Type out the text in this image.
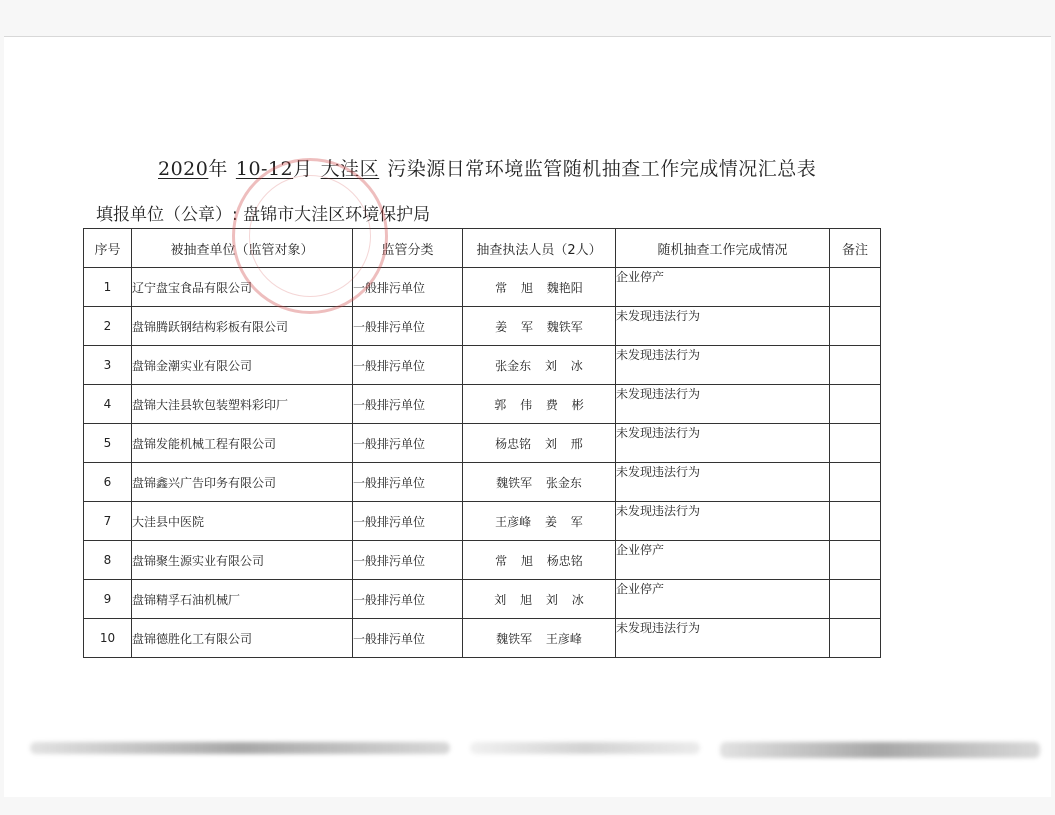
2020年 10-12月 大洼区 污染源日常环境监管随机抽查工作完成情况汇总表
填报单位（公章）: 盘锦市大洼区环境保护局
序号	被抽查单位（监管对象）	监管分类	抽查执法人员（2人）	随机抽查工作完成情况	备注
1	辽宁盘宝食品有限公司	一般排污单位	常 旭 魏艳阳	企业停产	
2	盘锦腾跃钢结构彩板有限公司	一般排污单位	姜 军 魏铁军	未发现违法行为	
3	盘锦金潮实业有限公司	一般排污单位	张金东 刘 冰	未发现违法行为	
4	盘锦大洼县软包装塑料彩印厂	一般排污单位	郭 伟 费 彬	未发现违法行为	
5	盘锦发能机械工程有限公司	一般排污单位	杨忠铭 刘 邢	未发现违法行为	
6	盘锦鑫兴广告印务有限公司	一般排污单位	魏铁军 张金东	未发现违法行为	
7	大洼县中医院	一般排污单位	王彦峰 姜 军	未发现违法行为	
8	盘锦聚生源实业有限公司	一般排污单位	常 旭 杨忠铭	企业停产	
9	盘锦精孚石油机械厂	一般排污单位	刘 旭 刘 冰	企业停产	
10	盘锦德胜化工有限公司	一般排污单位	魏铁军 王彦峰	未发现违法行为	
